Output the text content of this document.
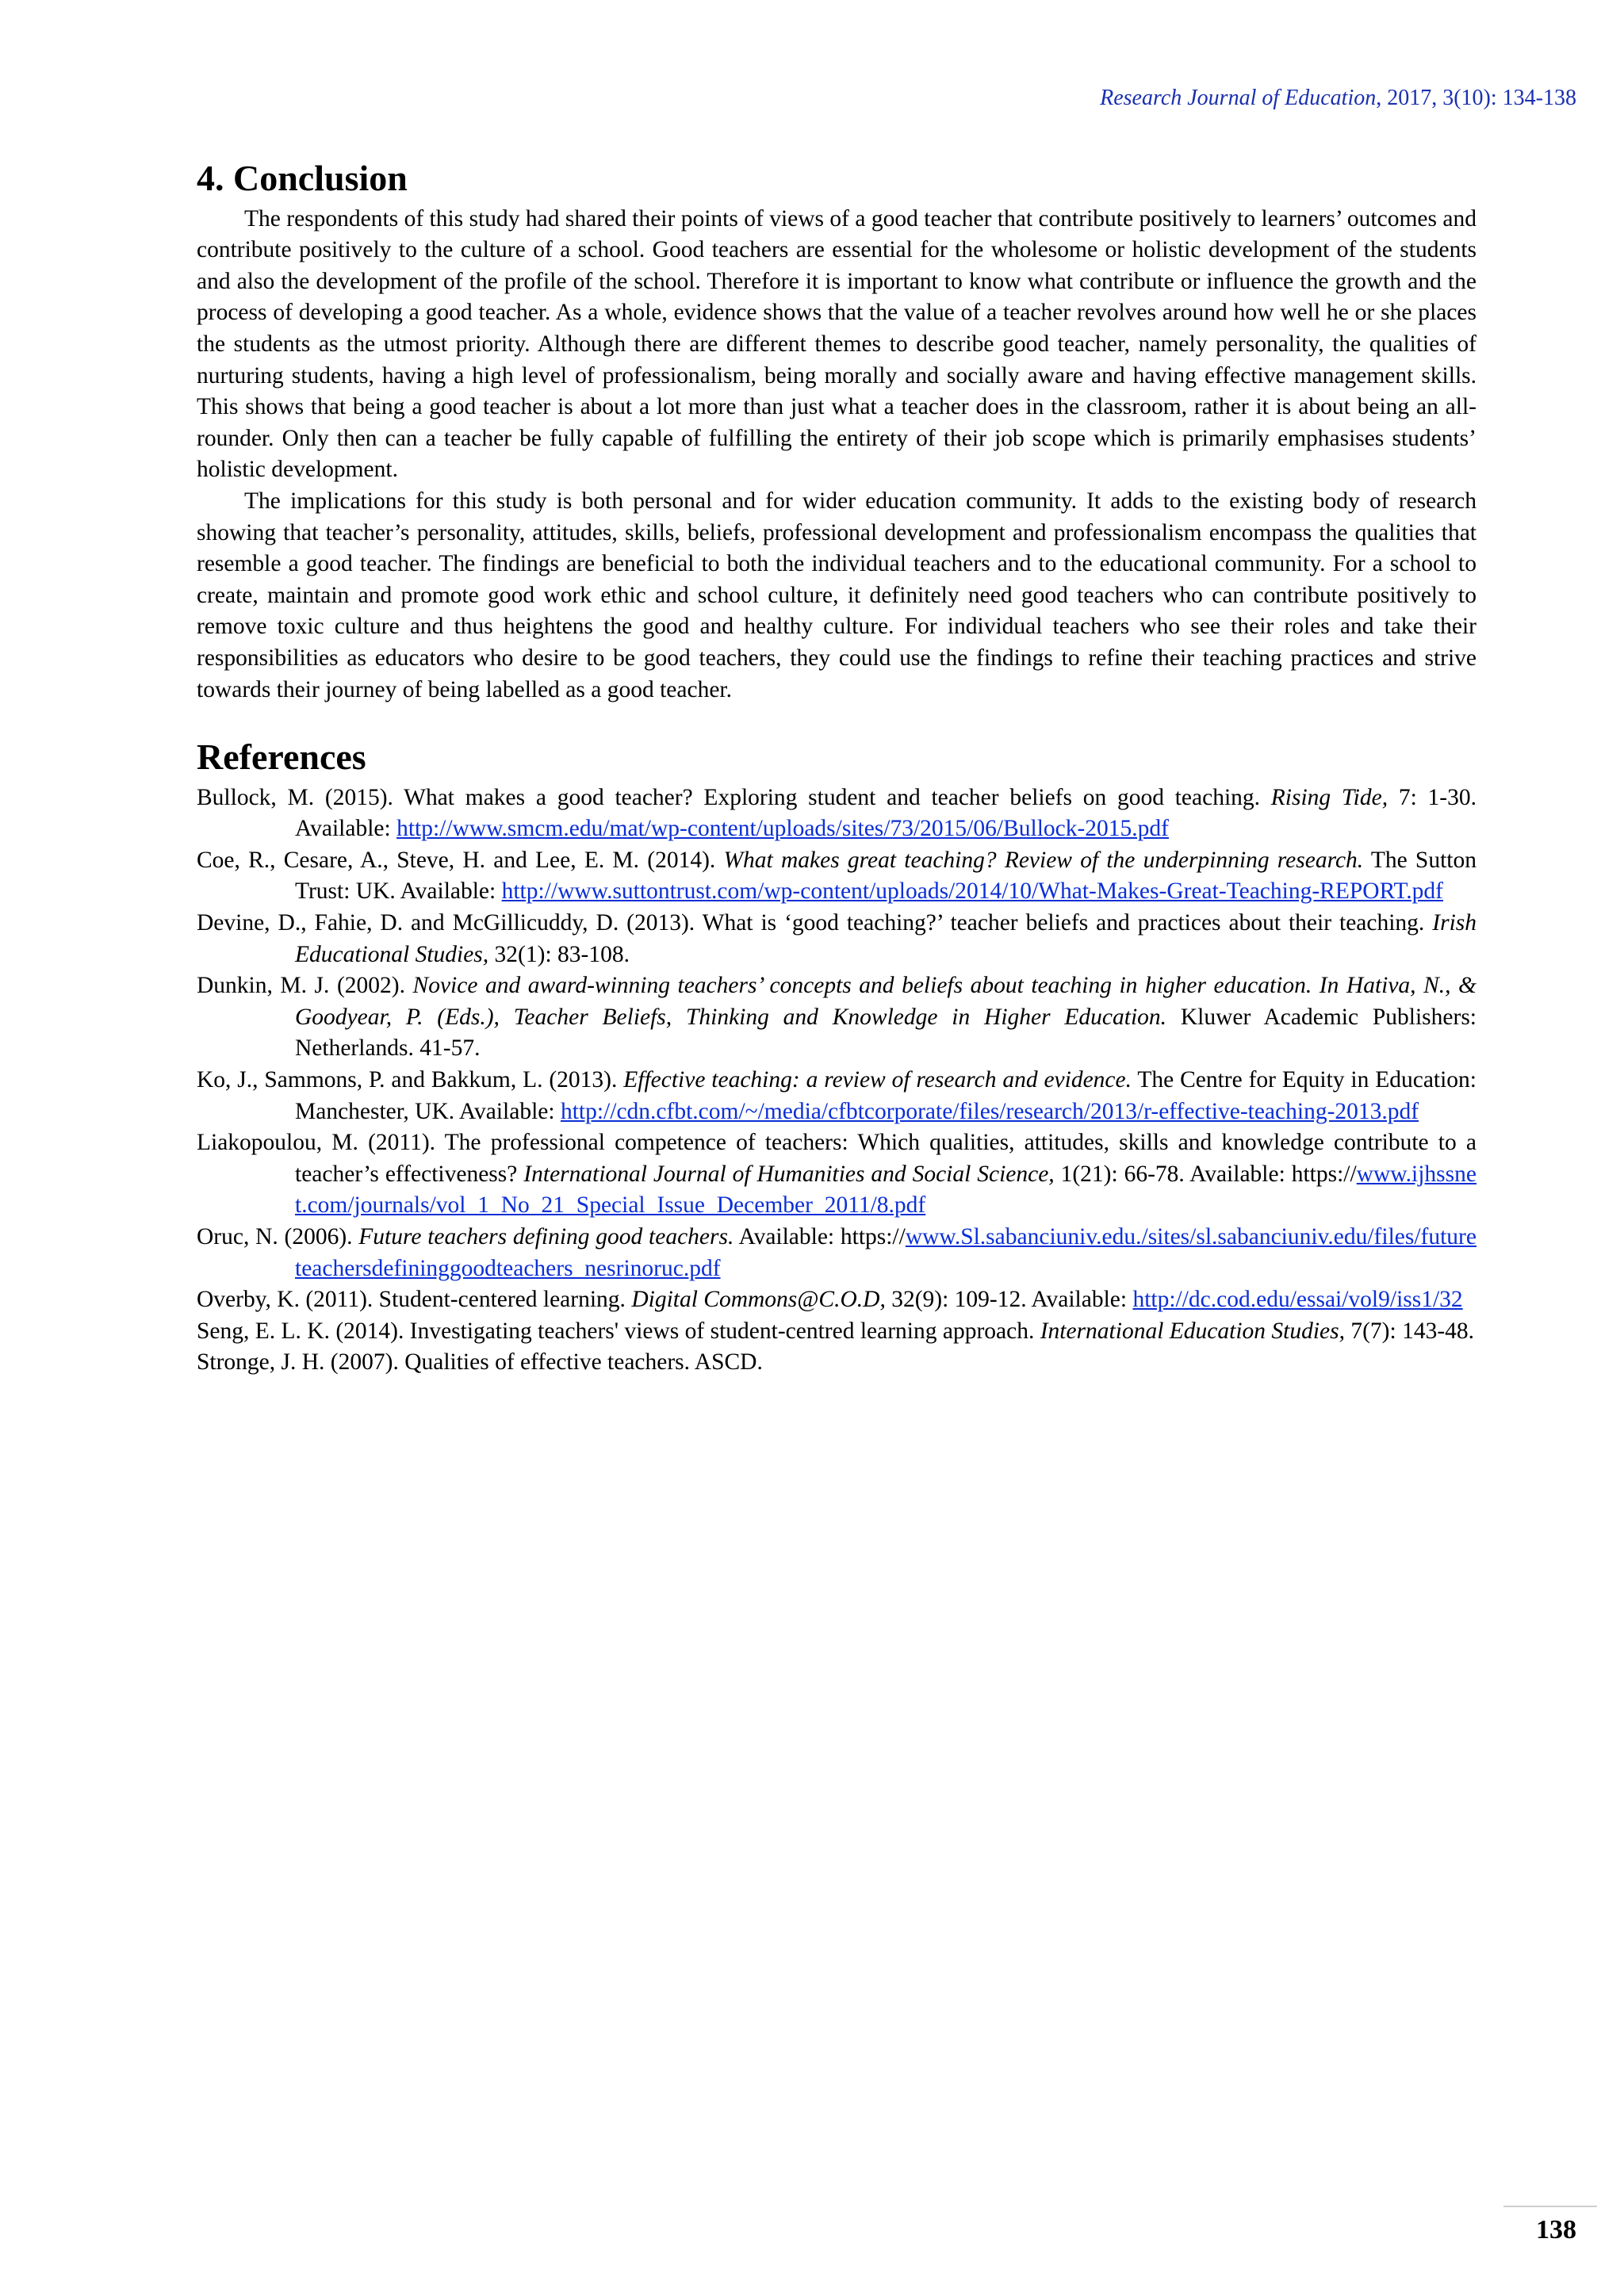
Research Journal of Education, 2017, 3(10): 134-138
4. Conclusion

The respondents of this study had shared their points of views of a good teacher that contribute positively to learners’ outcomes and contribute positively to the culture of a school. Good teachers are essential for the wholesome or holistic development of the students and also the development of the profile of the school. Therefore it is important to know what contribute or influence the growth and the process of developing a good teacher. As a whole, evidence shows that the value of a teacher revolves around how well he or she places the students as the utmost priority. Although there are different themes to describe good teacher, namely personality, the qualities of nurturing students, having a high level of professionalism, being morally and socially aware and having effective management skills. This shows that being a good teacher is about a lot more than just what a teacher does in the classroom, rather it is about being an all-rounder. Only then can a teacher be fully capable of fulfilling the entirety of their job scope which is primarily emphasises students’ holistic development.

The implications for this study is both personal and for wider education community. It adds to the existing body of research showing that teacher’s personality, attitudes, skills, beliefs, professional development and professionalism encompass the qualities that resemble a good teacher. The findings are beneficial to both the individual teachers and to the educational community. For a school to create, maintain and promote good work ethic and school culture, it definitely need good teachers who can contribute positively to remove toxic culture and thus heightens the good and healthy culture. For individual teachers who see their roles and take their responsibilities as educators who desire to be good teachers, they could use the findings to refine their teaching practices and strive towards their journey of being labelled as a good teacher.

References
Bullock, M. (2015). What makes a good teacher? Exploring student and teacher beliefs on good teaching. Rising Tide, 7: 1-30. Available: http://www.smcm.edu/mat/wp-content/uploads/sites/73/2015/06/Bullock-2015.pdf
Coe, R., Cesare, A., Steve, H. and Lee, E. M. (2014). What makes great teaching? Review of the underpinning research. The Sutton Trust: UK. Available: http://www.suttontrust.com/wp-content/uploads/2014/10/What-Makes-Great-Teaching-REPORT.pdf
Devine, D., Fahie, D. and McGillicuddy, D. (2013). What is ‘good teaching?’ teacher beliefs and practices about their teaching. Irish Educational Studies, 32(1): 83-108.
Dunkin, M. J. (2002). Novice and award-winning teachers’ concepts and beliefs about teaching in higher education. In Hativa, N., & Goodyear, P. (Eds.), Teacher Beliefs, Thinking and Knowledge in Higher Education. Kluwer Academic Publishers: Netherlands. 41-57.
Ko, J., Sammons, P. and Bakkum, L. (2013). Effective teaching: a review of research and evidence. The Centre for Equity in Education: Manchester, UK. Available: http://cdn.cfbt.com/~/media/cfbtcorporate/files/research/2013/r-effective-teaching-2013.pdf
Liakopoulou, M. (2011). The professional competence of teachers: Which qualities, attitudes, skills and knowledge contribute to a teacher’s effectiveness? International Journal of Humanities and Social Science, 1(21): 66-78. Available: https://www.ijhssnet.com/journals/vol_1_No_21_Special_Issue_December_2011/8.pdf
Oruc, N. (2006). Future teachers defining good teachers. Available: https://www.Sl.sabanciuniv.edu./sites/sl.sabanciuniv.edu/files/futureteachersdefininggoodteachers_nesrinoruc.pdf
Overby, K. (2011). Student-centered learning. Digital Commons@C.O.D, 32(9): 109-12. Available: http://dc.cod.edu/essai/vol9/iss1/32
Seng, E. L. K. (2014). Investigating teachers' views of student-centred learning approach. International Education Studies, 7(7): 143-48.
Stronge, J. H. (2007). Qualities of effective teachers. ASCD.
138
